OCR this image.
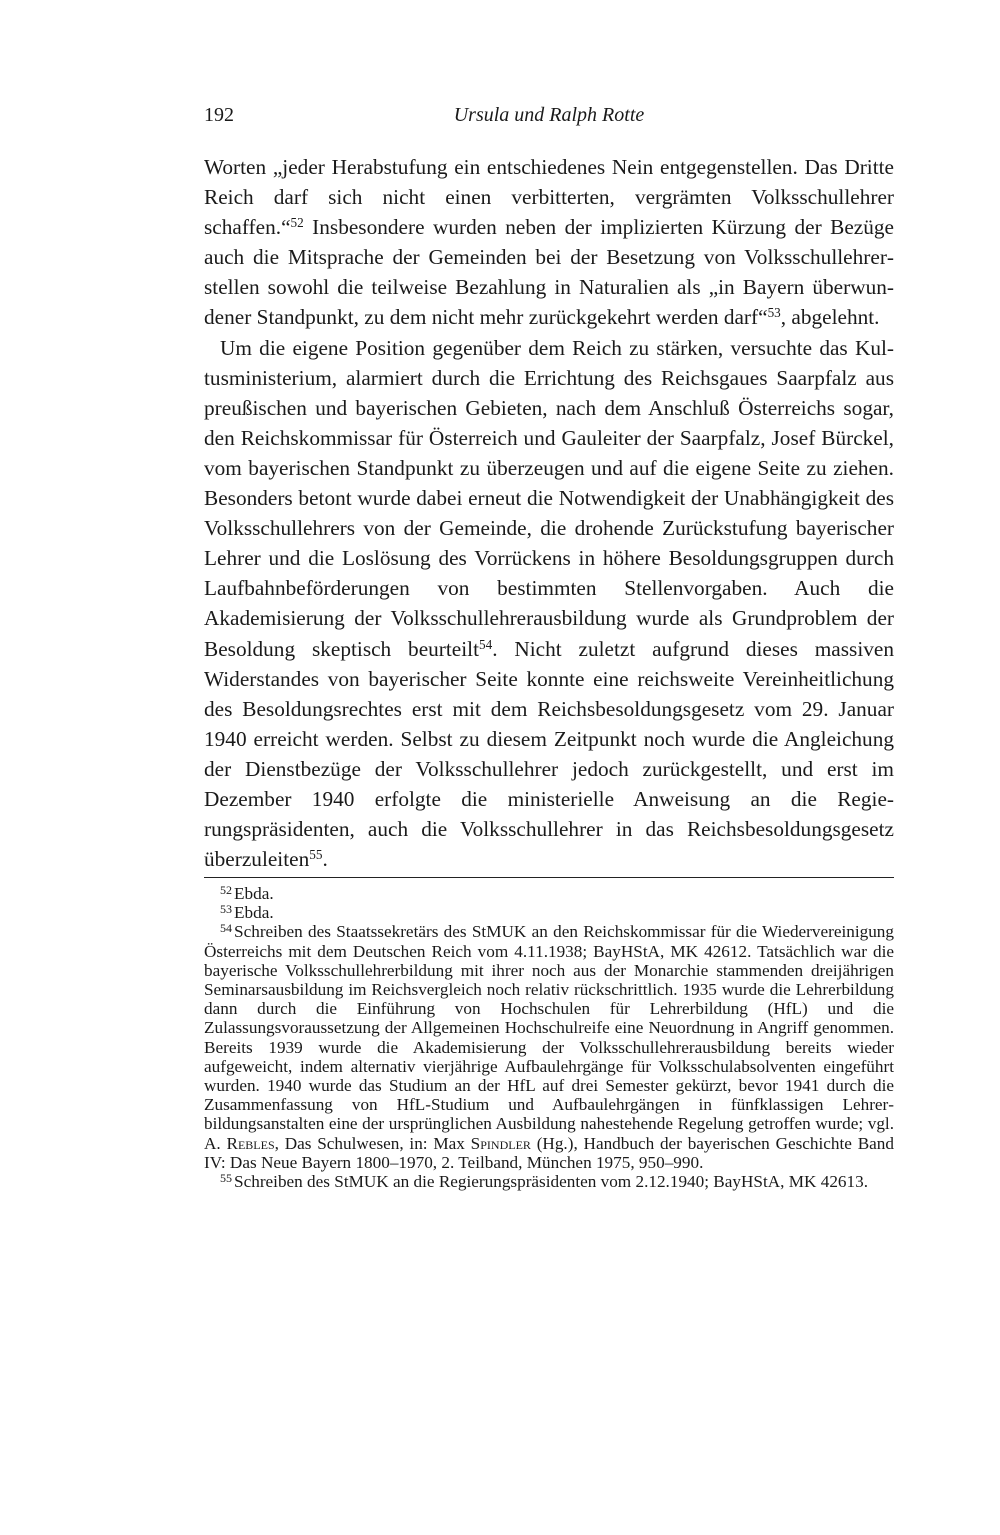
192	Ursula und Ralph Rotte

Worten „jeder Herabstufung ein entschiedenes Nein entgegenstellen. Das Dritte Reich darf sich nicht einen verbitterten, vergrämten Volksschullehrer schaffen.“$^{52}$ Insbesondere wurden neben der implizierten Kürzung der Bezüge auch die Mitsprache der Gemeinden bei der Besetzung von Volksschullehrerstellen sowohl die teilweise Bezahlung in Naturalien als „in Bayern überwundener Standpunkt, zu dem nicht mehr zurückgekehrt werden darf“$^{53}$, abgelehnt.

Um die eigene Position gegenüber dem Reich zu stärken, versuchte das Kultusministerium, alarmiert durch die Errichtung des Reichsgaues Saarpfalz aus preußischen und bayerischen Gebieten, nach dem Anschluß Österreichs sogar, den Reichskommissar für Österreich und Gauleiter der Saarpfalz, Josef Bürckel, vom bayerischen Standpunkt zu überzeugen und auf die eigene Seite zu ziehen. Besonders betont wurde dabei erneut die Notwendigkeit der Unabhängigkeit des Volksschullehrers von der Gemeinde, die drohende Zurückstufung bayerischer Lehrer und die Loslösung des Vorrückens in höhere Besoldungsgruppen durch Laufbahnbeförderungen von bestimmten Stellenvorgaben. Auch die Akademisierung der Volksschullehrerausbildung wurde als Grundproblem der Besoldung skeptisch beurteilt$^{54}$. Nicht zuletzt aufgrund dieses massiven Widerstandes von bayerischer Seite konnte eine reichsweite Vereinheitlichung des Besoldungsrechtes erst mit dem Reichsbesoldungsgesetz vom 29. Januar 1940 erreicht werden. Selbst zu diesem Zeitpunkt noch wurde die Angleichung der Dienstbezüge der Volksschullehrer jedoch zurückgestellt, und erst im Dezember 1940 erfolgte die ministerielle Anweisung an die Regierungspräsidenten, auch die Volksschullehrer in das Reichsbesoldungsgesetz überzuleiten$^{55}$.

$^{52}$ Ebda.

$^{53}$ Ebda.

$^{54}$ Schreiben des Staatssekretärs des StMUK an den Reichskommissar für die Wiedervereinigung Österreichs mit dem Deutschen Reich vom 4.11.1938; BayHStA, MK 42612. Tatsächlich war die bayerische Volksschullehrerbildung mit ihrer noch aus der Monarchie stammenden dreijährigen Seminarsausbildung im Reichsvergleich noch relativ rückschrittlich. 1935 wurde die Lehrerbildung dann durch die Einführung von Hochschulen für Lehrerbildung (HfL) und die Zulassungsvoraussetzung der Allgemeinen Hochschulreife eine Neuordnung in Angriff genommen. Bereits 1939 wurde die Akademisierung der Volksschullehrerausbildung bereits wieder aufgeweicht, indem alternativ vierjährige Aufbaulehrgänge für Volksschulabsolventen eingeführt wurden. 1940 wurde das Studium an der HfL auf drei Semester gekürzt, bevor 1941 durch die Zusammenfassung von HfL-Studium und Aufbaulehrgängen in fünfklassigen Lehrerbildungsanstalten eine der ursprünglichen Ausbildung nahestehende Regelung getroffen wurde; vgl. A. Rebles, Das Schulwesen, in: Max Spindler (Hg.), Handbuch der bayerischen Geschichte Band IV: Das Neue Bayern 1800–1970, 2. Teilband, München 1975, 950–990.

$^{55}$ Schreiben des StMUK an die Regierungspräsidenten vom 2.12.1940; BayHStA, MK 42613.
